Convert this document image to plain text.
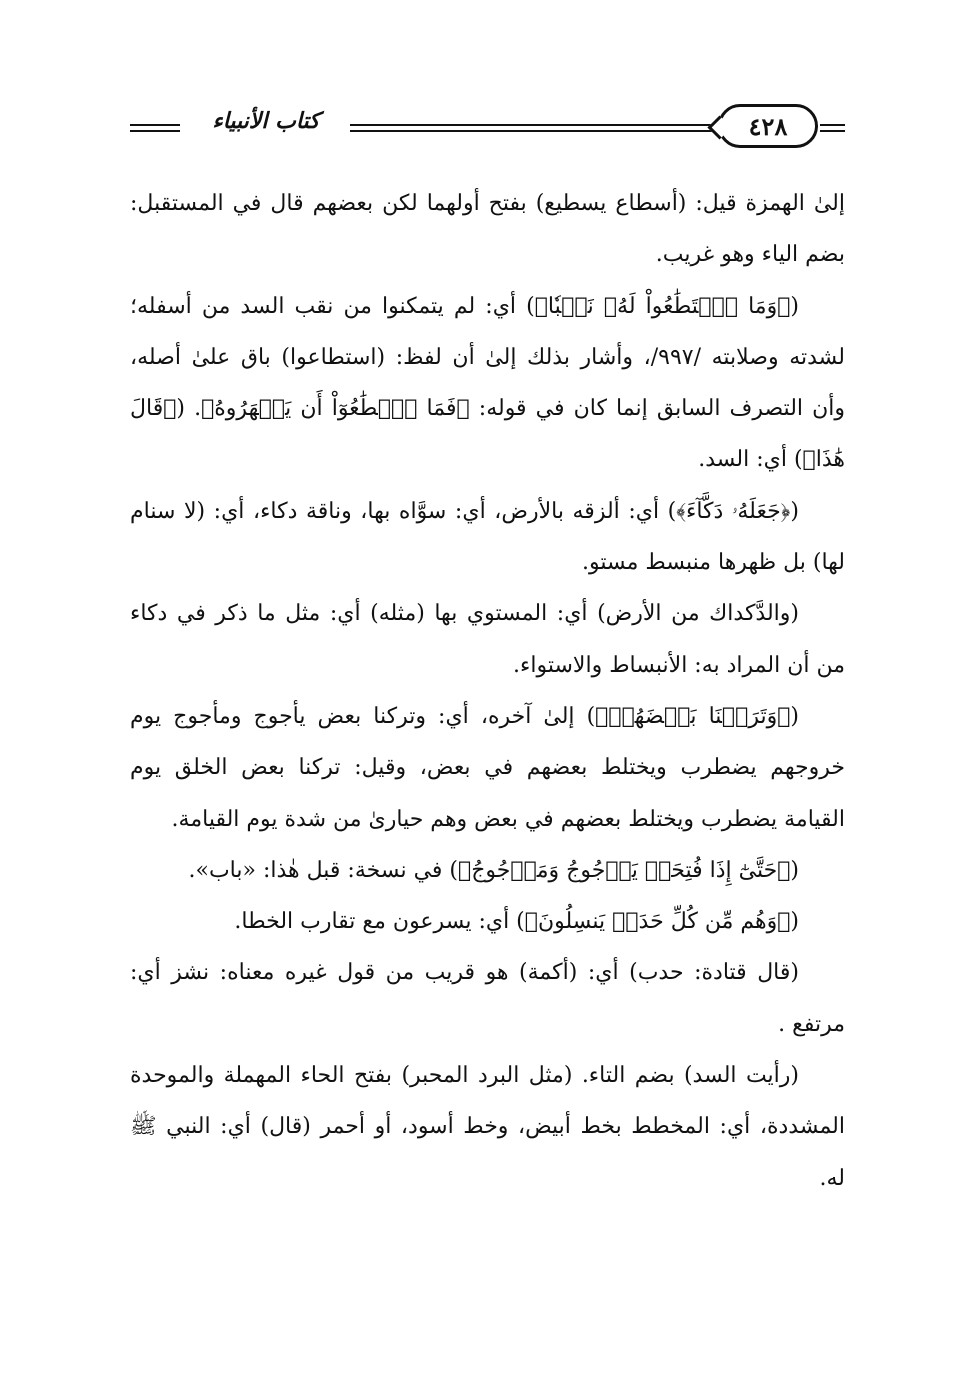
كتاب الأنبياء	٤٢٨

إلىٰ الهمزة قيل: (أسطاع يسطيع) بفتح أولهما لكن بعضهم قال في المستقبل: بضم الياء وهو غريب.

(﴿وَمَا ٱسۡتَطَٰعُواْ لَهُۥ نَقۡبٗا﴾) أي: لم يتمكنوا من نقب السد من أسفله؛ لشدته وصلابته /٩٩٧/، وأشار بذلك إلىٰ أن لفظ: (استطاعوا) باق علىٰ أصله، وأن التصرف السابق إنما كان في قوله: ﴿فَمَا ٱسۡطَٰعُوٓاْ أَن يَظۡهَرُوهُ﴾. (﴿قَالَ هَٰذَا﴾) أي: السد.

(﴿جَعَلَهُۥ دَكَّآءَ﴾) أي: ألزقه بالأرض، أي: سوَّاه بها، وناقة دكاء، أي: (لا سنام لها) بل ظهرها منبسط مستو.

(والدَّكداك من الأرض) أي: المستوي بها (مثله) أي: مثل ما ذكر في دكاء من أن المراد به: الأنبساط والاستواء.

(﴿وَتَرَكۡنَا بَعۡضَهُمۡ﴾) إلىٰ آخره، أي: وتركنا بعض يأجوج ومأجوج يوم خروجهم يضطرب ويختلط بعضهم في بعض، وقيل: تركنا بعض الخلق يوم القيامة يضطرب ويختلط بعضهم في بعض وهم حيارىٰ من شدة يوم القيامة.

(﴿حَتَّىٰٓ إِذَا فُتِحَتۡ يَأۡجُوجُ وَمَأۡجُوجُ﴾) في نسخة: قبل هٰذا: «باب».

(﴿وَهُم مِّن كُلِّ حَدَبٖ يَنسِلُونَ﴾) أي: يسرعون مع تقارب الخطا.

(قال قتادة: حدب) أي: (أكمة) هو قريب من قول غيره معناه: نشز أي: مرتفع .

(رأيت السد) بضم التاء. (مثل البرد المحبر) بفتح الحاء المهملة والموحدة المشددة، أي: المخطط بخط أبيض، وخط أسود، أو أحمر (قال) أي: النبي ﷺ له.
